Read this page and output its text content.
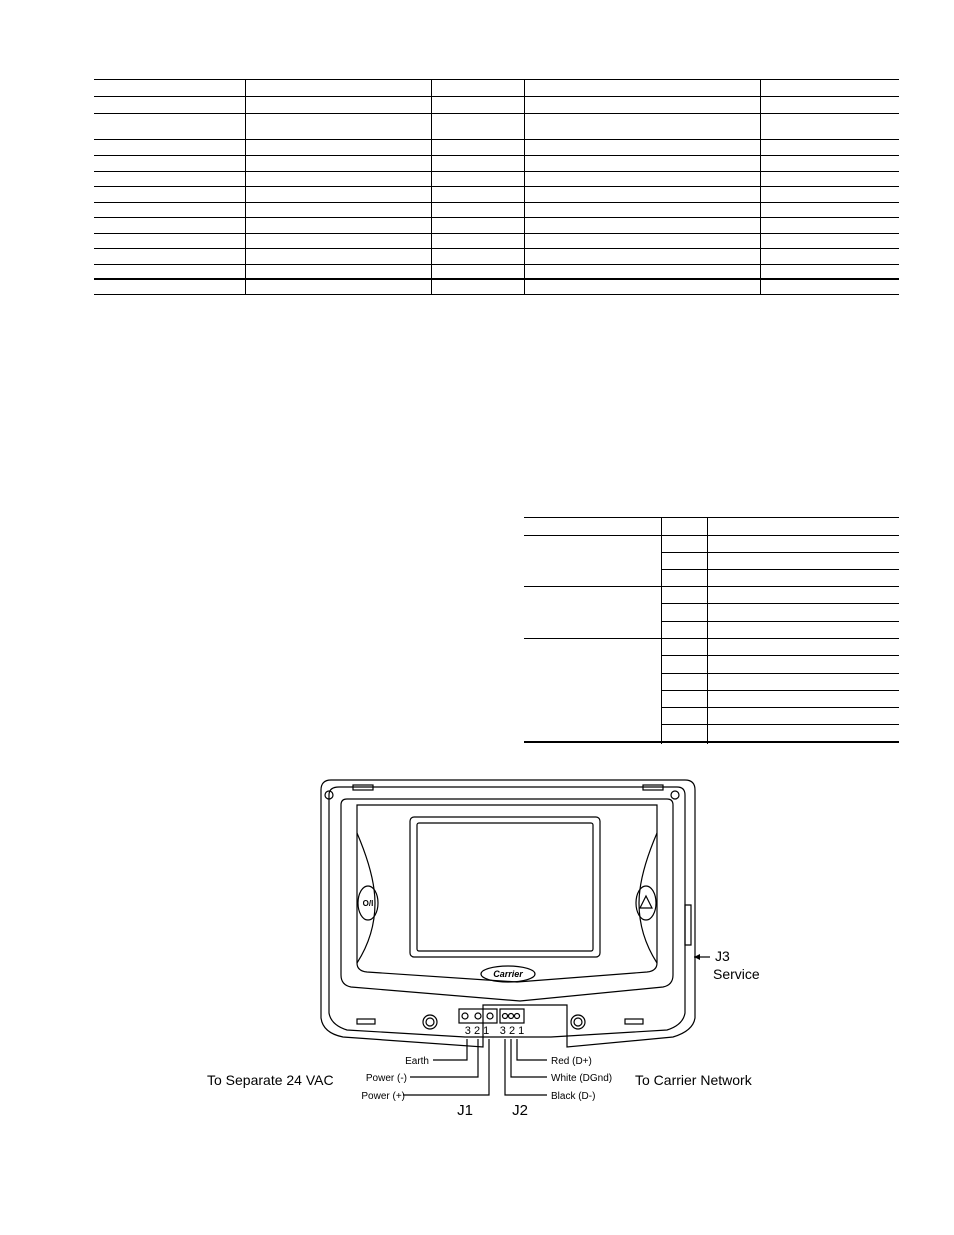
O/I
Carrier
3 2 1 3 2 1
J3
Service
Earth
Power (-)
Power (+)
To Separate 24 VAC
J1
Red (D+)
White (DGnd)
Black (D-)
To Carrier Network
J2
